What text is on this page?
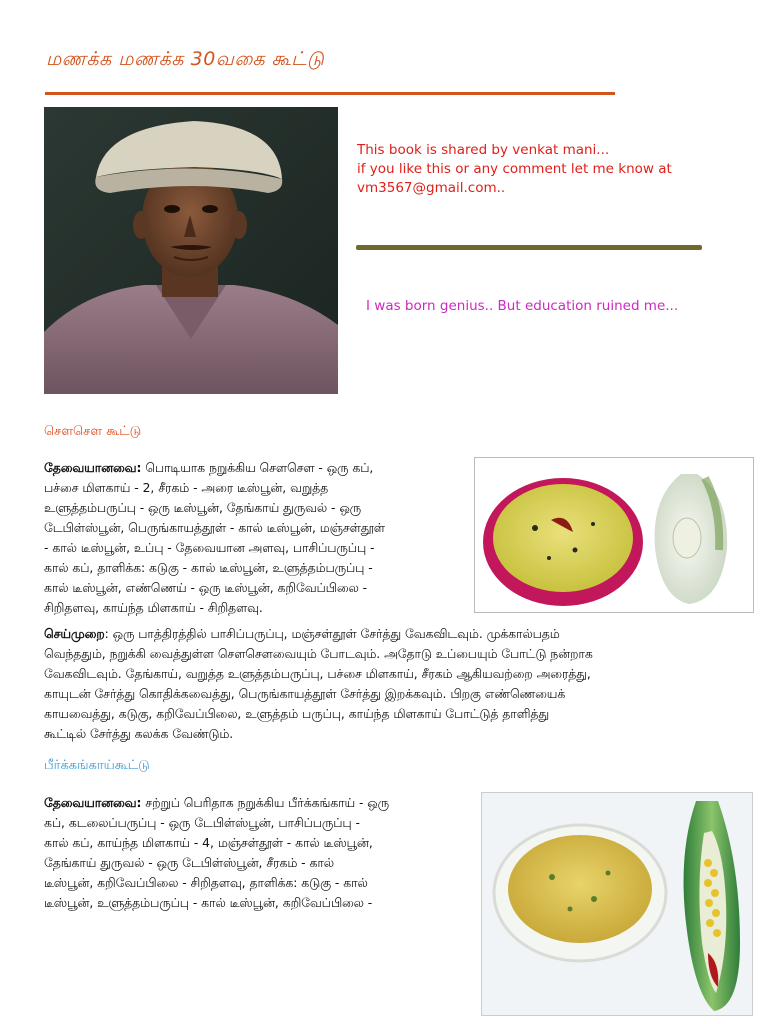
மணக்க மணக்க 30வகை கூட்டு
This book is shared by venkat mani...
if you like this or any comment let me know at
vm3567@gmail.com..
I was born genius.. But education ruined me...
சௌசௌ கூட்டு
தேவையானவை: பொடியாக நறுக்கிய சௌசௌ - ஒரு கப்,
பச்சை மிளகாய் - 2, சீரகம் - அரை டீஸ்பூன், வறுத்த
உளுத்தம்பருப்பு - ஒரு டீஸ்பூன், தேங்காய் துருவல் - ஒரு
டேபிள்ஸ்பூன், பெருங்காயத்தூள் - கால் டீஸ்பூன், மஞ்சள்தூள்
- கால் டீஸ்பூன், உப்பு - தேவையான அளவு, பாசிப்பருப்பு -
கால் கப், தாளிக்க: கடுகு - கால் டீஸ்பூன், உளுத்தம்பருப்பு -
கால் டீஸ்பூன், எண்ணெய் - ஒரு டீஸ்பூன், கறிவேப்பிலை -
சிறிதளவு, காய்ந்த மிளகாய் - சிறிதளவு.
செய்முறை: ஒரு பாத்திரத்தில் பாசிப்பருப்பு, மஞ்சள்தூள் சேர்த்து வேகவிடவும். முக்கால்பதம்
வெந்ததும், நறுக்கி வைத்துள்ள சௌசௌவையும் போடவும். அதோடு உப்பையும் போட்டு நன்றாக
வேகவிடவும். தேங்காய், வறுத்த உளுத்தம்பருப்பு, பச்சை மிளகாய், சீரகம் ஆகியவற்றை அரைத்து,
காயுடன் சேர்த்து கொதிக்கவைத்து, பெருங்காயத்தூள் சேர்த்து இறக்கவும். பிறகு எண்ணெயைக்
காயவைத்து, கடுகு, கறிவேப்பிலை, உளுத்தம் பருப்பு, காய்ந்த மிளகாய் போட்டுத் தாளித்து
கூட்டில் சேர்த்து கலக்க வேண்டும்.
பீர்க்கங்காய்கூட்டு
தேவையானவை: சற்றுப் பெரிதாக நறுக்கிய பீர்க்கங்காய் - ஒரு
கப், கடலைப்பருப்பு - ஒரு டேபிள்ஸ்பூன், பாசிப்பருப்பு -
கால் கப், காய்ந்த மிளகாய் - 4, மஞ்சள்தூள் - கால் டீஸ்பூன்,
தேங்காய் துருவல் - ஒரு டேபிள்ஸ்பூன், சீரகம் - கால்
டீஸ்பூன், கறிவேப்பிலை - சிறிதளவு, தாளிக்க: கடுகு - கால்
டீஸ்பூன், உளுத்தம்பருப்பு - கால் டீஸ்பூன், கறிவேப்பிலை -
